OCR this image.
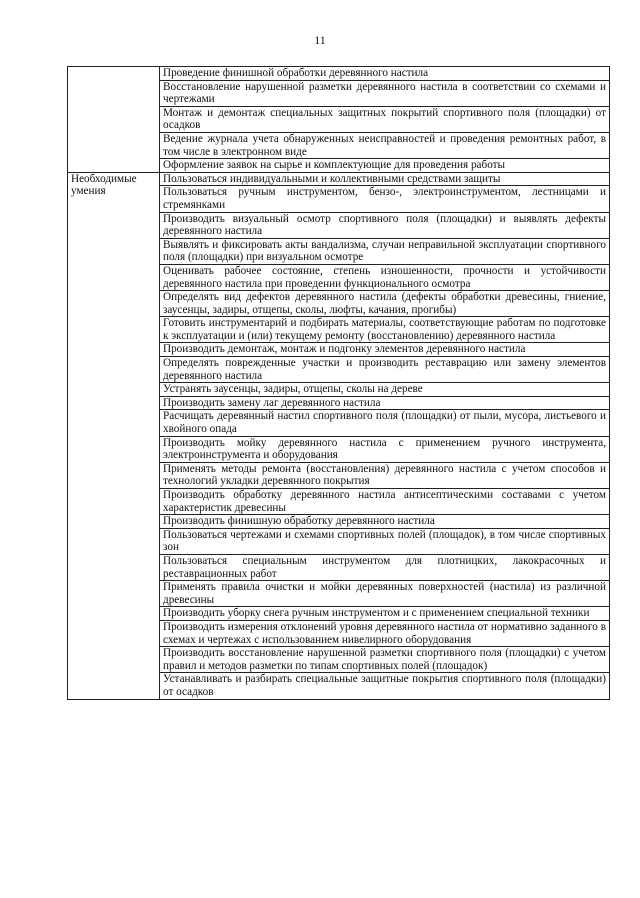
11
	Проведение финишной обработки деревянного настила
	Восстановление нарушенной разметки деревянного настила в соответствии со схемами и чертежами
	Монтаж и демонтаж специальных защитных покрытий спортивного поля (площадки) от осадков
	Ведение журнала учета обнаруженных неисправностей и проведения ремонтных работ, в том числе в электронном виде
	Оформление заявок на сырье и комплектующие для проведения работы
Необходимые умения	Пользоваться индивидуальными и коллективными средствами защиты
	Пользоваться ручным инструментом, бензо-, электроинструментом, лестницами и стремянками
	Производить визуальный осмотр спортивного поля (площадки) и выявлять дефекты деревянного настила
	Выявлять и фиксировать акты вандализма, случаи неправильной эксплуатации спортивного поля (площадки) при визуальном осмотре
	Оценивать рабочее состояние, степень изношенности, прочности и устойчивости деревянного настила при проведении функционального осмотра
	Определять вид дефектов деревянного настила (дефекты обработки древесины, гниение, заусенцы, задиры, отщепы, сколы, люфты, качания, прогибы)
	Готовить инструментарий и подбирать материалы, соответствующие работам по подготовке к эксплуатации и (или) текущему ремонту (восстановлению) деревянного настила
	Производить демонтаж, монтаж и подгонку элементов деревянного настила
	Определять поврежденные участки и производить реставрацию или замену элементов деревянного настила
	Устранять заусенцы, задиры, отщепы, сколы на дереве
	Производить замену лаг деревянного настила
	Расчищать деревянный настил спортивного поля (площадки) от пыли, мусора, листьевого и хвойного опада
	Производить мойку деревянного настила с применением ручного инструмента, электроинструмента и оборудования
	Применять методы ремонта (восстановления) деревянного настила с учетом способов и технологий укладки деревянного покрытия
	Производить обработку деревянного настила антисептическими составами с учетом характеристик древесины
	Производить финишную обработку деревянного настила
	Пользоваться чертежами и схемами спортивных полей (площадок), в том числе спортивных зон
	Пользоваться специальным инструментом для плотницких, лакокрасочных и реставрационных работ
	Применять правила очистки и мойки деревянных поверхностей (настила) из различной древесины
	Производить уборку снега ручным инструментом и с применением специальной техники
	Производить измерения отклонений уровня деревянного настила от нормативно заданного в схемах и чертежах с использованием нивелирного оборудования
	Производить восстановление нарушенной разметки спортивного поля (площадки) с учетом правил и методов разметки по типам спортивных полей (площадок)
	Устанавливать и разбирать специальные защитные покрытия спортивного поля (площадки) от осадков
